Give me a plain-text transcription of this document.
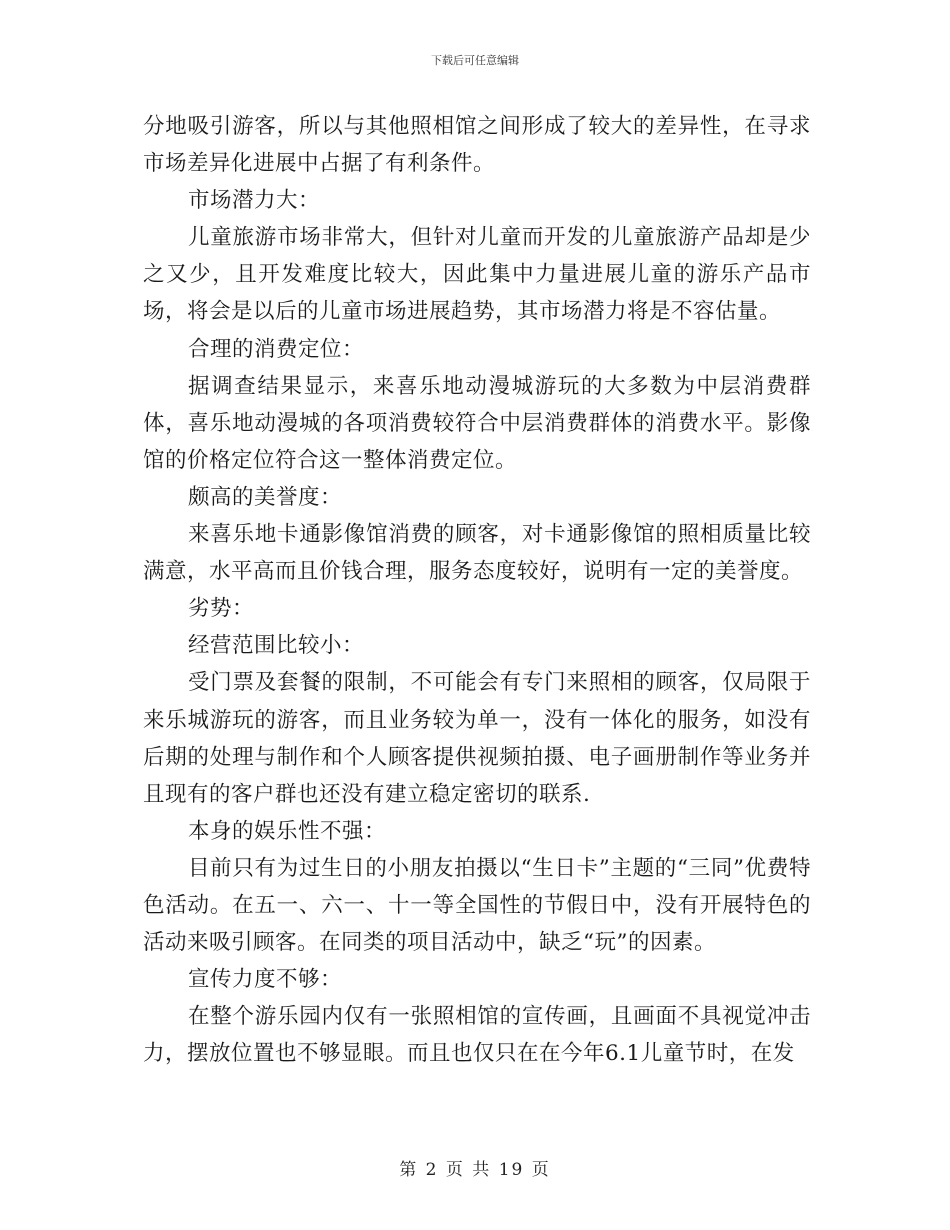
下载后可任意编辑

分地吸引游客，所以与其他照相馆之间形成了较大的差异性，在寻求市场差异化进展中占据了有利条件。

市场潜力大：

儿童旅游市场非常大，但针对儿童而开发的儿童旅游产品却是少之又少，且开发难度比较大，因此集中力量进展儿童的游乐产品市场，将会是以后的儿童市场进展趋势，其市场潜力将是不容估量。

合理的消费定位：

据调查结果显示，来喜乐地动漫城游玩的大多数为中层消费群体，喜乐地动漫城的各项消费较符合中层消费群体的消费水平。影像馆的价格定位符合这一整体消费定位。

颇高的美誉度：

来喜乐地卡通影像馆消费的顾客，对卡通影像馆的照相质量比较满意，水平高而且价钱合理，服务态度较好，说明有一定的美誉度。

劣势：

经营范围比较小：

受门票及套餐的限制，不可能会有专门来照相的顾客，仅局限于来乐城游玩的游客，而且业务较为单一，没有一体化的服务，如没有后期的处理与制作和个人顾客提供视频拍摄、电子画册制作等业务并且现有的客户群也还没有建立稳定密切的联系.

本身的娱乐性不强：

目前只有为过生日的小朋友拍摄以“生日卡”主题的“三同”优费特色活动。在五一、六一、十一等全国性的节假日中，没有开展特色的活动来吸引顾客。在同类的项目活动中，缺乏“玩”的因素。

宣传力度不够：

在整个游乐园内仅有一张照相馆的宣传画，且画面不具视觉冲击力，摆放位置也不够显眼。而且也仅只在在今年6.1儿童节时，在发

第 2 页 共 19 页
